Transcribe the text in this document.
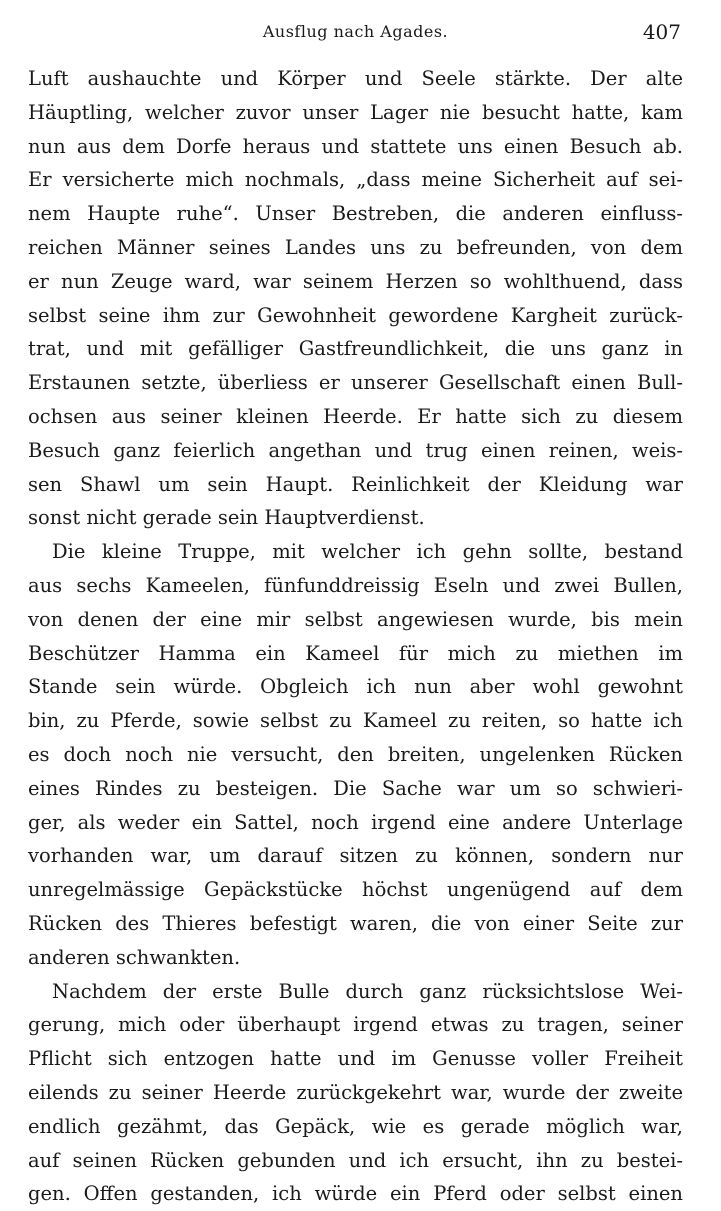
Ausflug nach Agades.	407
Luft aushauchte und Körper und Seele stärkte. Der alte
Häuptling, welcher zuvor unser Lager nie besucht hatte, kam
nun aus dem Dorfe heraus und stattete uns einen Besuch ab.
Er versicherte mich nochmals, „dass meine Sicherheit auf sei-
nem Haupte ruhe“. Unser Bestreben, die anderen einfluss-
reichen Männer seines Landes uns zu befreunden, von dem
er nun Zeuge ward, war seinem Herzen so wohlthuend, dass
selbst seine ihm zur Gewohnheit gewordene Kargheit zurück-
trat, und mit gefälliger Gastfreundlichkeit, die uns ganz in
Erstaunen setzte, überliess er unserer Gesellschaft einen Bull-
ochsen aus seiner kleinen Heerde. Er hatte sich zu diesem
Besuch ganz feierlich angethan und trug einen reinen, weis-
sen Shawl um sein Haupt. Reinlichkeit der Kleidung war
sonst nicht gerade sein Hauptverdienst.
Die kleine Truppe, mit welcher ich gehn sollte, bestand
aus sechs Kameelen, fünfunddreissig Eseln und zwei Bullen,
von denen der eine mir selbst angewiesen wurde, bis mein
Beschützer Hamma ein Kameel für mich zu miethen im
Stande sein würde. Obgleich ich nun aber wohl gewohnt
bin, zu Pferde, sowie selbst zu Kameel zu reiten, so hatte ich
es doch noch nie versucht, den breiten, ungelenken Rücken
eines Rindes zu besteigen. Die Sache war um so schwieri-
ger, als weder ein Sattel, noch irgend eine andere Unterlage
vorhanden war, um darauf sitzen zu können, sondern nur
unregelmässige Gepäckstücke höchst ungenügend auf dem
Rücken des Thieres befestigt waren, die von einer Seite zur
anderen schwankten.
Nachdem der erste Bulle durch ganz rücksichtslose Wei-
gerung, mich oder überhaupt irgend etwas zu tragen, seiner
Pflicht sich entzogen hatte und im Genusse voller Freiheit
eilends zu seiner Heerde zurückgekehrt war, wurde der zweite
endlich gezähmt, das Gepäck, wie es gerade möglich war,
auf seinen Rücken gebunden und ich ersucht, ihn zu bestei-
gen. Offen gestanden, ich würde ein Pferd oder selbst einen
